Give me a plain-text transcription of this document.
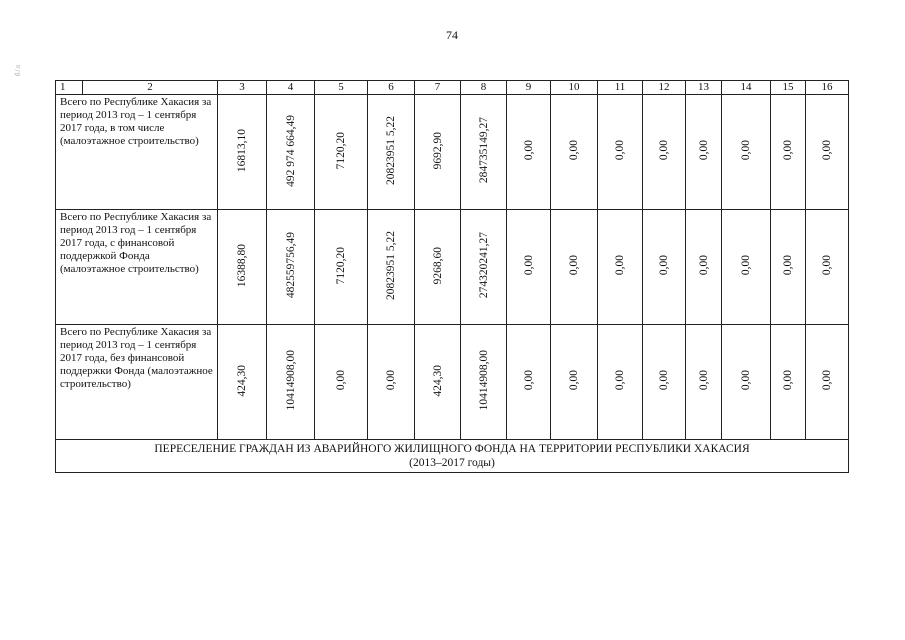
74
б/л
1	2	3	4	5	6	7	8	9	10	11	12	13	14	15	16
Всего по Республике Хакасия за период 2013 год – 1 сентября 2017 года, в том числе (малоэтажное строительство)		16813,10	492 974 664,49	7120,20	20823951 5,22	9692,90	284735149,27	0,00	0,00	0,00	0,00	0,00	0,00	0,00	0,00
Всего по Республике Хакасия за период 2013 год – 1 сентября 2017 года, с финансовой поддержкой Фонда (малоэтажное строительство)		16388,80	482559756,49	7120,20	20823951 5,22	9268,60	274320241,27	0,00	0,00	0,00	0,00	0,00	0,00	0,00	0,00
Всего по Республике Хакасия за период 2013 год – 1 сентября 2017 года, без финансовой поддержки Фонда (малоэтажное строительство)		424,30	10414908,00	0,00	0,00	424,30	10414908,00	0,00	0,00	0,00	0,00	0,00	0,00	0,00	0,00

ПЕРЕСЕЛЕНИЕ ГРАЖДАН ИЗ АВАРИЙНОГО ЖИЛИЩНОГО ФОНДА НА ТЕРРИТОРИИ РЕСПУБЛИКИ ХАКАСИЯ
(2013–2017 годы)															
